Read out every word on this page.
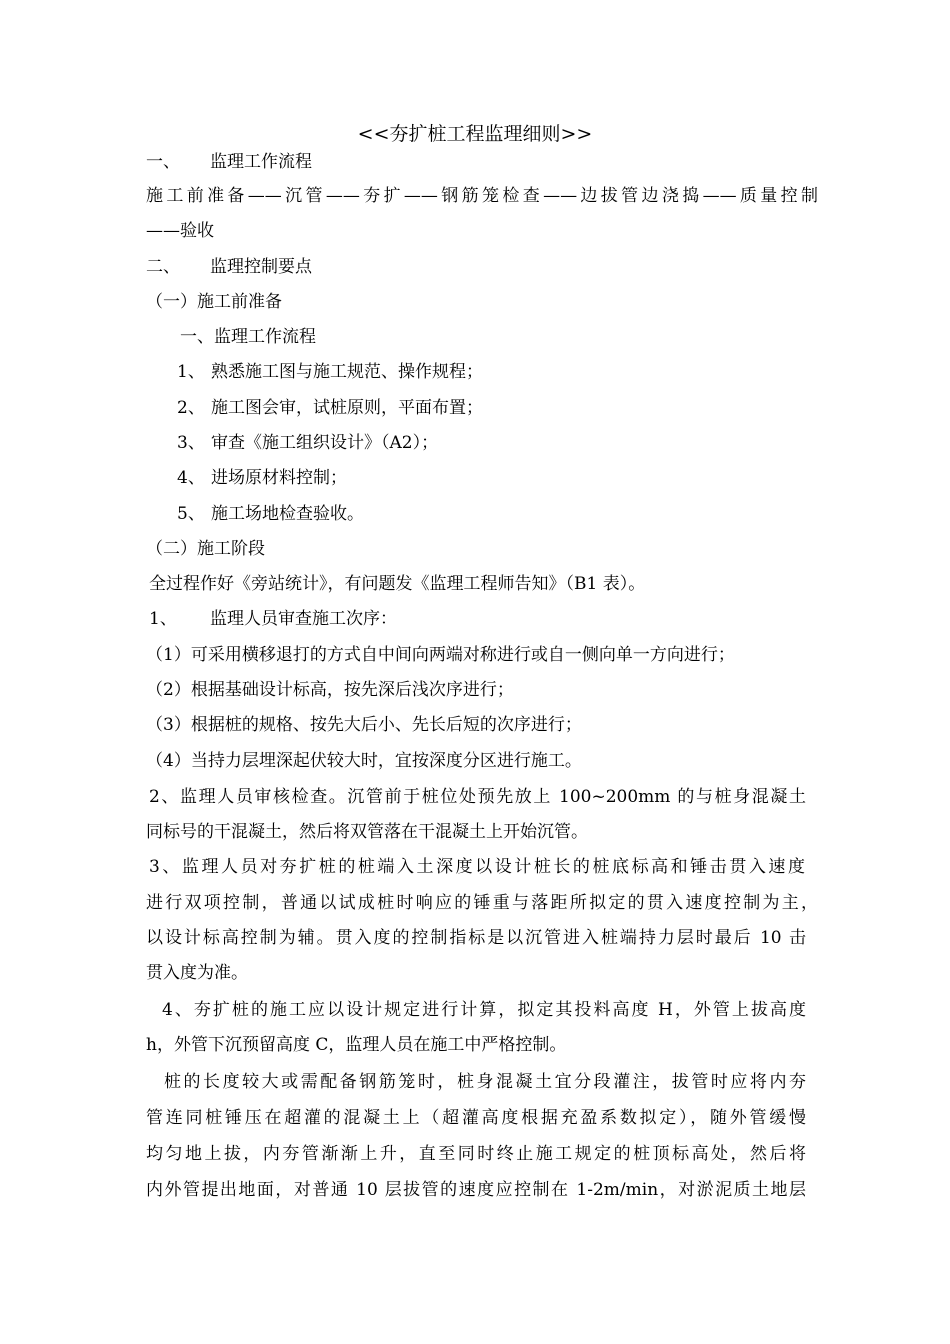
<<夯扩桩工程监理细则>>
一、 监理工作流程
施工前准备——沉管——夯扩——钢筋笼检查——边拔管边浇捣——质量控制
——验收
二、 监理控制要点
（一）施工前准备
一、监理工作流程
1、 熟悉施工图与施工规范、操作规程；
2、 施工图会审，试桩原则，平面布置；
3、 审查《施工组织设计》（A2）；
4、 进场原材料控制；
5、 施工场地检查验收。
（二）施工阶段
全过程作好《旁站统计》，有问题发《监理工程师告知》（B1 表）。
1、 监理人员审查施工次序：
（1）可采用横移退打的方式自中间向两端对称进行或自一侧向单一方向进行；
（2）根据基础设计标高，按先深后浅次序进行；
（3）根据桩的规格、按先大后小、先长后短的次序进行；
（4）当持力层埋深起伏较大时，宜按深度分区进行施工。
2、监理人员审核检查。沉管前于桩位处预先放上 100~200mm 的与桩身混凝土
同标号的干混凝土，然后将双管落在干混凝土上开始沉管。
3、监理人员对夯扩桩的桩端入土深度以设计桩长的桩底标高和锤击贯入速度
进行双项控制，普通以试成桩时响应的锤重与落距所拟定的贯入速度控制为主，
以设计标高控制为辅。贯入度的控制指标是以沉管进入桩端持力层时最后 10 击
贯入度为准。
4、夯扩桩的施工应以设计规定进行计算，拟定其投料高度 H，外管上拔高度
h，外管下沉预留高度 C，监理人员在施工中严格控制。
桩的长度较大或需配备钢筋笼时，桩身混凝土宜分段灌注，拔管时应将内夯
管连同桩锤压在超灌的混凝土上（超灌高度根据充盈系数拟定），随外管缓慢
均匀地上拔，内夯管渐渐上升，直至同时终止施工规定的桩顶标高处，然后将
内外管提出地面，对普通 10 层拔管的速度应控制在 1-2m/min，对淤泥质土地层
